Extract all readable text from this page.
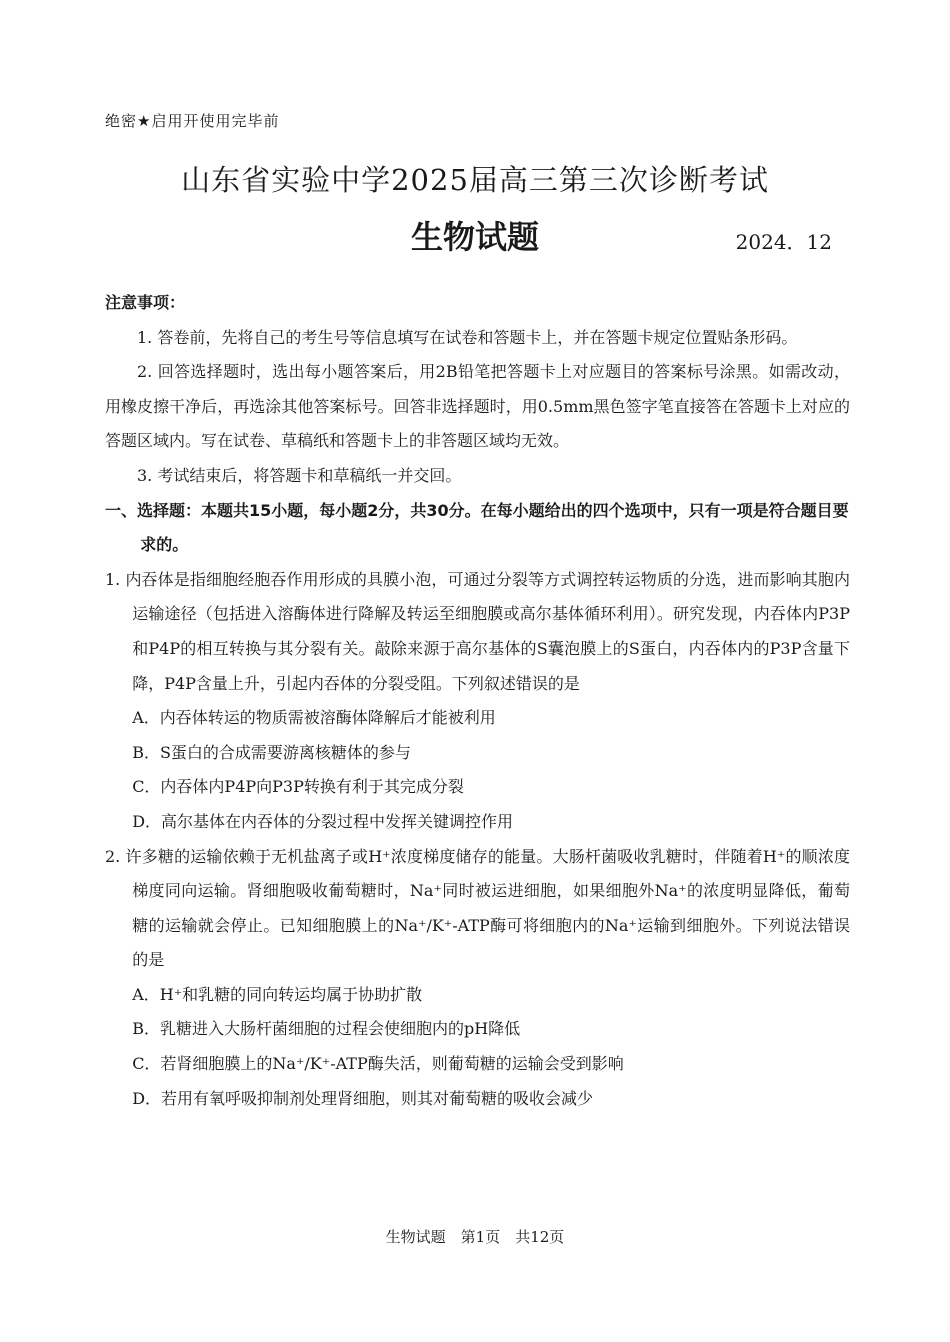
绝密★启用开使用完毕前
山东省实验中学2025届高三第三次诊断考试
生物试题	2024．12

注意事项：

1. 答卷前，先将自己的考生号等信息填写在试卷和答题卡上，并在答题卡规定位置贴条形码。

2. 回答选择题时，选出每小题答案后，用2B铅笔把答题卡上对应题目的答案标号涂黑。如需改动，用橡皮擦干净后，再选涂其他答案标号。回答非选择题时，用0.5mm黑色签字笔直接答在答题卡上对应的答题区域内。写在试卷、草稿纸和答题卡上的非答题区域均无效。

3. 考试结束后，将答题卡和草稿纸一并交回。

一、选择题：本题共15小题，每小题2分，共30分。在每小题给出的四个选项中，只有一项是符合题目要求的。

1. 内吞体是指细胞经胞吞作用形成的具膜小泡，可通过分裂等方式调控转运物质的分选，进而影响其胞内运输途径（包括进入溶酶体进行降解及转运至细胞膜或高尔基体循环利用）。研究发现，内吞体内P3P和P4P的相互转换与其分裂有关。敲除来源于高尔基体的S囊泡膜上的S蛋白，内吞体内的P3P含量下降，P4P含量上升，引起内吞体的分裂受阻。下列叙述错误的是

A．内吞体转运的物质需被溶酶体降解后才能被利用

B．S蛋白的合成需要游离核糖体的参与

C．内吞体内P4P向P3P转换有利于其完成分裂

D．高尔基体在内吞体的分裂过程中发挥关键调控作用

2. 许多糖的运输依赖于无机盐离子或H⁺浓度梯度储存的能量。大肠杆菌吸收乳糖时，伴随着H⁺的顺浓度梯度同向运输。肾细胞吸收葡萄糖时，Na⁺同时被运进细胞，如果细胞外Na⁺的浓度明显降低，葡萄糖的运输就会停止。已知细胞膜上的Na⁺/K⁺-ATP酶可将细胞内的Na⁺运输到细胞外。下列说法错误的是

A．H⁺和乳糖的同向转运均属于协助扩散

B．乳糖进入大肠杆菌细胞的过程会使细胞内的pH降低

C．若肾细胞膜上的Na⁺/K⁺-ATP酶失活，则葡萄糖的运输会受到影响

D．若用有氧呼吸抑制剂处理肾细胞，则其对葡萄糖的吸收会减少

生物试题　第1页　共12页
